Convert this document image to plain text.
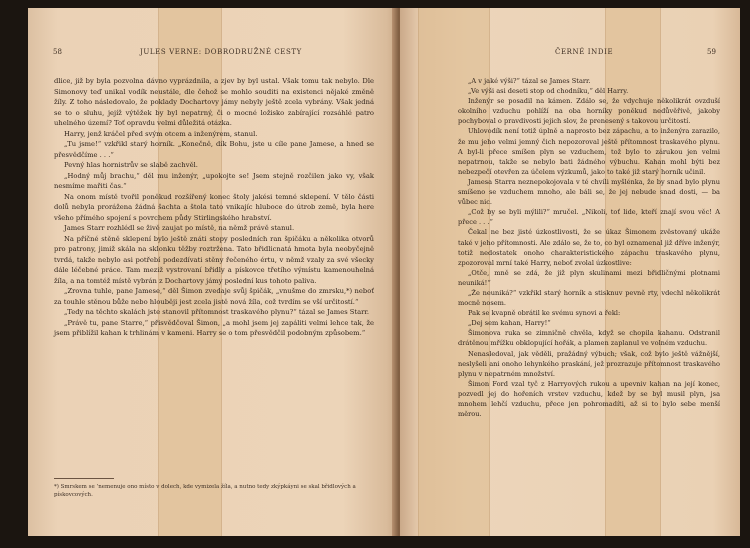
58	JULES VERNE: DOBRODRUŽNÉ CESTY

dlice, již by byla pozvolna dávno vyprázdnila, a zjev by byl ustal. Však tomu tak nebylo. Dle Simonovy teď unikal vodík neustále, dle čehož se mohlo souditi na existenci nějaké změně žíly. Z toho následovalo, že poklady Dochartovy jámy nebyly ještě zcela vybrány. Však jedná se to o sluhu, jejíž výtěžek by byl nepatrný, či o mocné ložisko zabírající rozsáhlé patro uhelného území? Toť opravdu velmi důležitá otázka.

Harry, jenž kráčel před svým otcem a inženýrem, stanul.

„Tu jsme!“ vzkřikl starý horník. „Konečně, dík Bohu, jste u cíle pane Jamese, a hned se přesvědčíme . . .“

Pevný hlas hornistrův se slabě zachvěl.

„Hodný můj brachu,“ děl mu inženýr, „upokojte se! Jsem stejně rozčilen jako vy, však nesmíme mařiti čas.“

Na onom místě tvořil poněkud rozšířený konec štoly jakési temné sklepení. V tělo části dolů nebyla prorážena žádná šachta a štola tato vnikajíc hluboce do útrob země, byla here všeho přímého spojení s povrchem půdy Stirlingského hrabství.

James Starr rozhlédl se živě zaujat po místě, na němž právě stanul.

Na příčné stěně sklepení bylo ještě znáti stopy posledních ran špičáku a několika otvorů pro patrony, jimiž skála na sklonku těžby roztržena. Tato břidlicnatá hmota byla neobyčejně tvrdá, takže nebylo asi potřebí podezdívati stěny řečeného értu, v němž vzaly za své všecky dále léčebné práce. Tam meziž vystrovaní břidly a pískovce třetího výmístu kamenouhelná žíla, a na tomtéž místě vybrán z Dochartovy jámy poslední kus tohoto paliva.

„Zrovna tuhle, pane Jamese,“ děl Šimon zvedaje svůj špičák, „vnušme do zmrsku,*) neboť za touhle stěnou bůže nebo hlouběji jest zcela jistě nová žíla, což tvrdím se vší určitostí.“

„Tedy na těchto skalách jste stanovil přítomnost traskavého plynu?“ tázal se James Starr.

„Právě tu, pane Starre,“ přisvědčoval Šimon, „a mohl jsem jej zapáliti velmi lehce tak, že jsem přiblížil kahan k trhlinám v kameni. Harry se o tom přesvědčil podobným způsobem.“

*) Smrskem se ʼnemenuje ono místo v dolech, kde vymizela žíla, a nutno tedy zkýpkáyni se skal břidlových a pískovcových.
ČERNÉ INDIE	59

„A v jaké výši?“ tázal se James Starr.

„Ve výši asi deseti stop od chodníku,“ děl Harry.

Inženýr se posadil na kámen. Zdálo se, že vdychuje několikrát ovzduší okolního vzduchu pohlíží na oba horníky poněkud nedůvěřivě, jakoby pochyboval o pravdivosti jejich slov, že prenesený s takovou určitostí.

Uhlovodík není totiž úplně a naprosto bez zápachu, a to inženýra zarazilo, že mu jeho velmi jemný čich nepozoroval ještě přítomnost traskavého plynu. A byl-li přece smíšen plyn se vzduchem, tož bylo to zárukou jen velmi nepatrnou, takže se nebylo bati žádného výbuchu. Kahan mohl býti bez nebezpečí otevřen za účelem výzkumů, jako to také již starý horník učinil.

Jamesa Starra neznepokojovala v té chvíli myšlénka, že by snad bylo plynu smíšeno se vzduchem mnoho, ale báli se, že jej nebude snad dosti, — ba vůbec nic.

„Což by se byli mýlili?“ mručel. „Nikoli, toť lide, kteří znají svou věc! A přece . . .“

Čekal ne bez jisté úzkostlivosti, že se úkaz Šimonem zvěstovaný ukáže také v jeho přítomnosti. Ale zdálo se, že to, co byl oznamenal již dříve inženýr, totiž nedostatek onoho charakteristického zápachu traskavého plynu, zpozoroval mrní také Harry, neboť zvolal úzkostlive:

„Otče, mně se zdá, že již plyn skulinami mezi břidličnými plotnami neuniká!“

„Že neuniká?“ vzkřikl starý horník a stisknuv pevně rty, vdechl několikrát mocně nosem.

Pak se kvapně obrátil ke svému synovi a řekl:

„Dej sem kahan, Harry!“

Šimonova ruka se zimničně chvěla, když se chopila kahanu. Odstranil drátěnou mřížku obklopující hořák, a plamen zaplanul ve volném vzduchu.

Nenasledoval, jak věděli, pražádný výbuch; však, což bylo ještě vážnější, neslyšeli ani onoho lehynkého praskání, jež prozrazuje přítomnost traskavého plynu v nepatrném množství.

Šimon Ford vzal tyč z Harryových rukou a upevniv kahan na její konec, pozvedl jej do hořeních vrstev vzduchu, kdež by se byl musil plyn, jsa mnohem lehčí vzduchu, přece jen pohromadíti, až si to bylo sebe menší měrou.
